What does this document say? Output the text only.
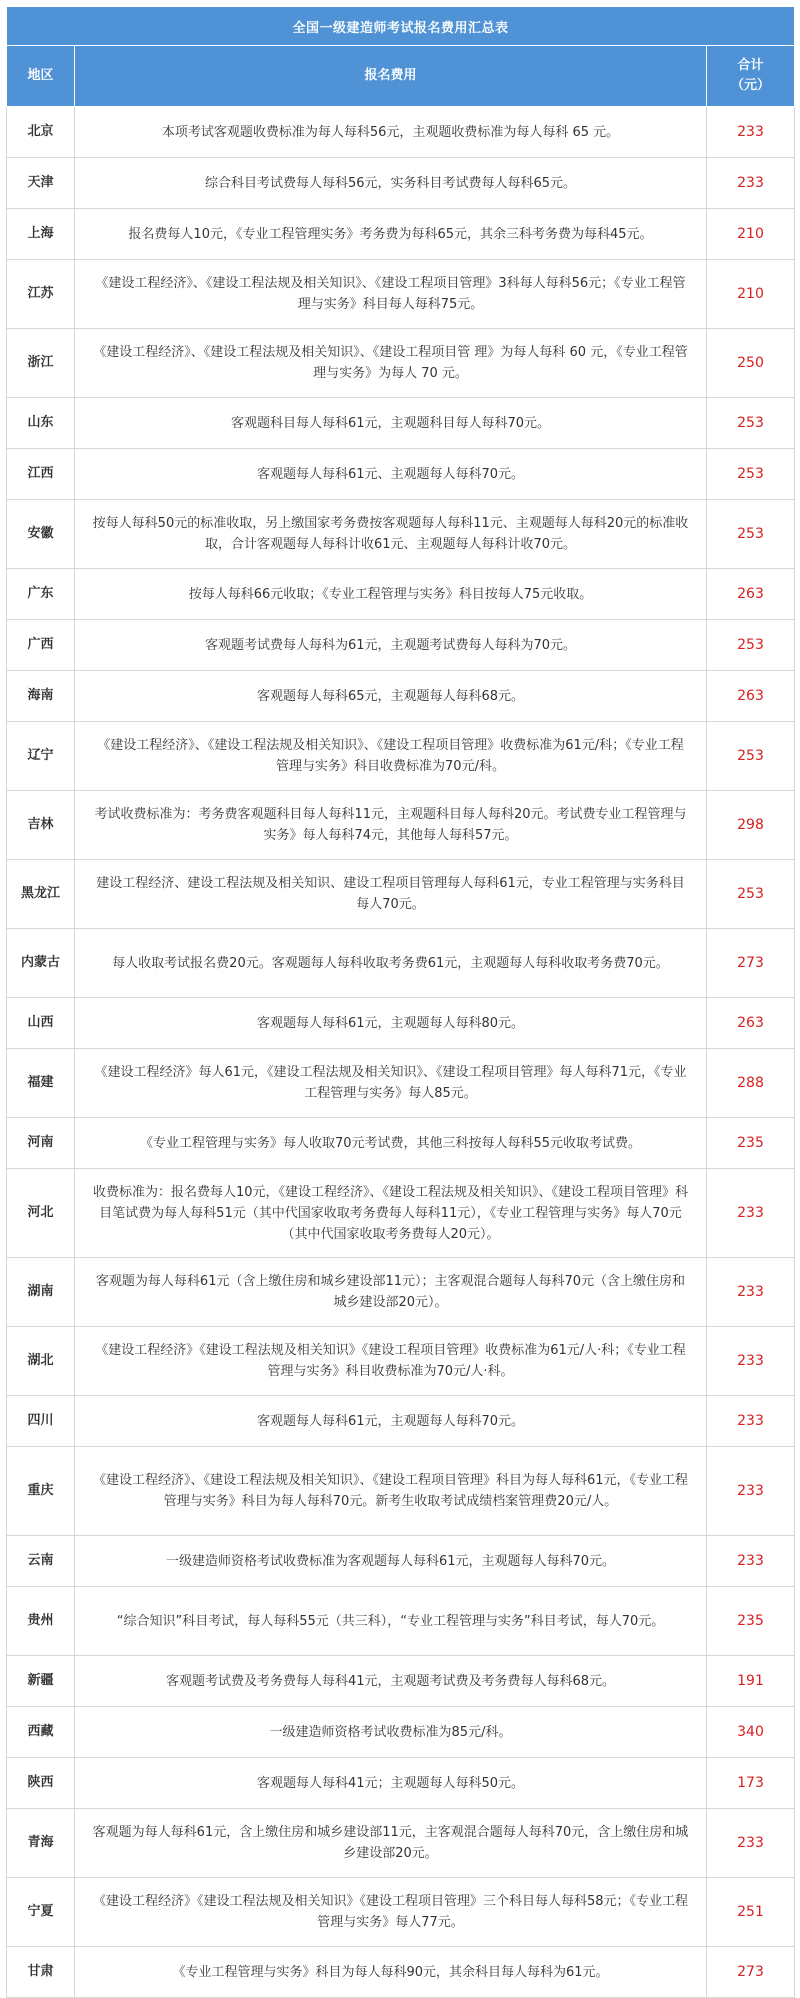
全国一级建造师考试报名费用汇总表		
地区	报名费用	合计
（元）

北京	本项考试客观题收费标准为每人每科56元，主观题收费标准为每人每科 65 元。	233
天津	综合科目考试费每人每科56元，实务科目考试费每人每科65元。	233
上海	报名费每人10元，《专业工程管理实务》考务费为每科65元，其余三科考务费为每科45元。	210
江苏	《建设工程经济》、《建设工程法规及相关知识》、《建设工程项目管理》3科每人每科56元；《专业工程管理与实务》科目每人每科75元。	210
浙江	《建设工程经济》、《建设工程法规及相关知识》、《建设工程项目管 理》为每人每科 60 元，《专业工程管理与实务》为每人 70 元。	250
山东	客观题科目每人每科61元，主观题科目每人每科70元。	253
江西	客观题每人每科61元、主观题每人每科70元。	253
安徽	按每人每科50元的标准收取，另上缴国家考务费按客观题每人每科11元、主观题每人每科20元的标准收取，合计客观题每人每科计收61元、主观题每人每科计收70元。	253
广东	按每人每科66元收取；《专业工程管理与实务》科目按每人75元收取。	263
广西	客观题考试费每人每科为61元，主观题考试费每人每科为70元。	253
海南	客观题每人每科65元，主观题每人每科68元。	263
辽宁	《建设工程经济》、《建设工程法规及相关知识》、《建设工程项目管理》收费标准为61元/科；《专业工程管理与实务》科目收费标准为70元/科。	253
吉林	考试收费标准为：考务费客观题科目每人每科11元，主观题科目每人每科20元。考试费专业工程管理与实务》每人每科74元，其他每人每科57元。	298
黑龙江	建设工程经济、建设工程法规及相关知识、建设工程项目管理每人每科61元，专业工程管理与实务科目每人70元。	253
内蒙古	每人收取考试报名费20元。客观题每人每科收取考务费61元，主观题每人每科收取考务费70元。	273
山西	客观题每人每科61元，主观题每人每科80元。	263
福建	《建设工程经济》每人61元，《建设工程法规及相关知识》、《建设工程项目管理》每人每科71元，《专业工程管理与实务》每人85元。	288
河南	《专业工程管理与实务》每人收取70元考试费，其他三科按每人每科55元收取考试费。	235
河北	收费标准为：报名费每人10元，《建设工程经济》、《建设工程法规及相关知识》、《建设工程项目管理》科目笔试费为每人每科51元（其中代国家收取考务费每人每科11元），《专业工程管理与实务》每人70元（其中代国家收取考务费每人20元）。	233
湖南	客观题为每人每科61元（含上缴住房和城乡建设部11元）；主客观混合题每人每科70元（含上缴住房和城乡建设部20元）。	233
湖北	《建设工程经济》《建设工程法规及相关知识》《建设工程项目管理》收费标准为61元/人·科；《专业工程管理与实务》科目收费标准为70元/人·科。	233
四川	客观题每人每科61元，主观题每人每科70元。	233
重庆	《建设工程经济》、《建设工程法规及相关知识》、《建设工程项目管理》科目为每人每科61元，《专业工程管理与实务》科目为每人每科70元。新考生收取考试成绩档案管理费20元/人。	233
云南	一级建造师资格考试收费标准为客观题每人每科61元，主观题每人每科70元。	233
贵州	“综合知识”科目考试，每人每科55元（共三科），“专业工程管理与实务”科目考试，每人70元。	235
新疆	客观题考试费及考务费每人每科41元，主观题考试费及考务费每人每科68元。	191
西藏	一级建造师资格考试收费标准为85元/科。	340
陕西	客观题每人每科41元；主观题每人每科50元。	173
青海	客观题为每人每科61元，含上缴住房和城乡建设部11元，主客观混合题每人每科70元，含上缴住房和城乡建设部20元。	233
宁夏	《建设工程经济》《建设工程法规及相关知识》《建设工程项目管理》三个科目每人每科58元；《专业工程管理与实务》每人77元。	251
甘肃	《专业工程管理与实务》科目为每人每科90元，其余科目每人每科为61元。	273
